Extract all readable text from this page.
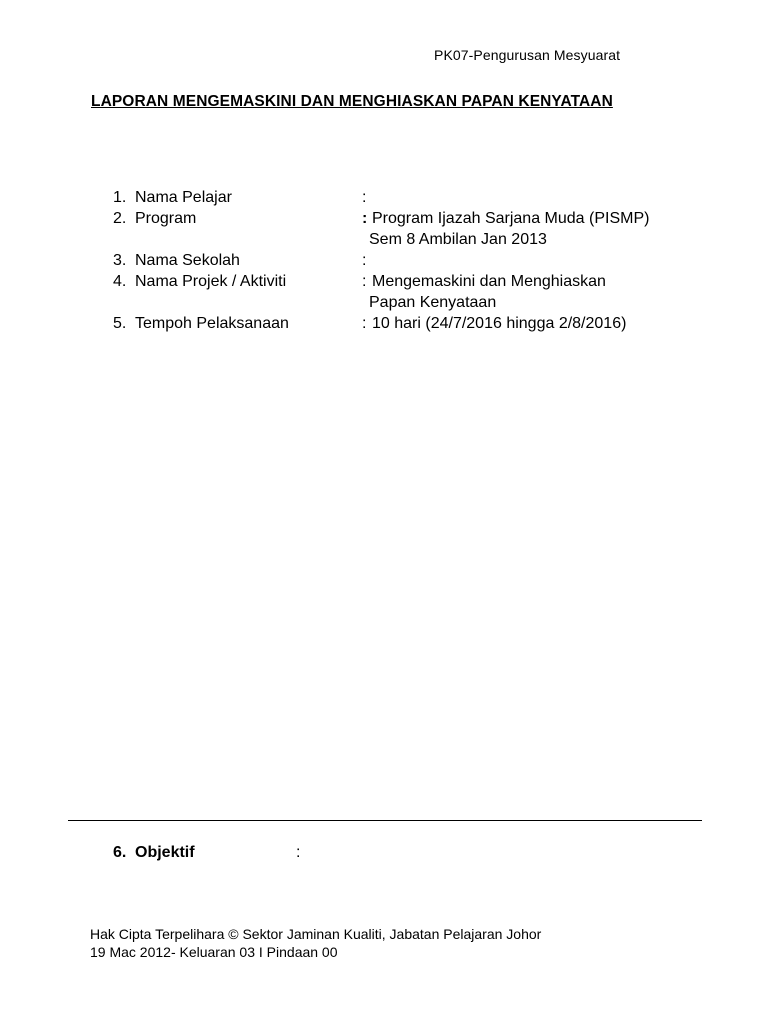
PK07-Pengurusan Mesyuarat
LAPORAN MENGEMASKINI DAN MENGHIASKAN PAPAN KENYATAAN
1. Nama Pelajar	:
2. Program	: Program Ijazah Sarjana Muda (PISMP)
Sem 8 Ambilan Jan 2013
3. Nama Sekolah	:
4. Nama Projek / Aktiviti	: Mengemaskini dan Menghiaskan
Papan Kenyataan
5. Tempoh Pelaksanaan	: 10 hari (24/7/2016 hingga 2/8/2016)
6. Objektif	:
Hak Cipta Terpelihara © Sektor Jaminan Kualiti, Jabatan Pelajaran Johor
19 Mac 2012- Keluaran 03 I Pindaan 00
